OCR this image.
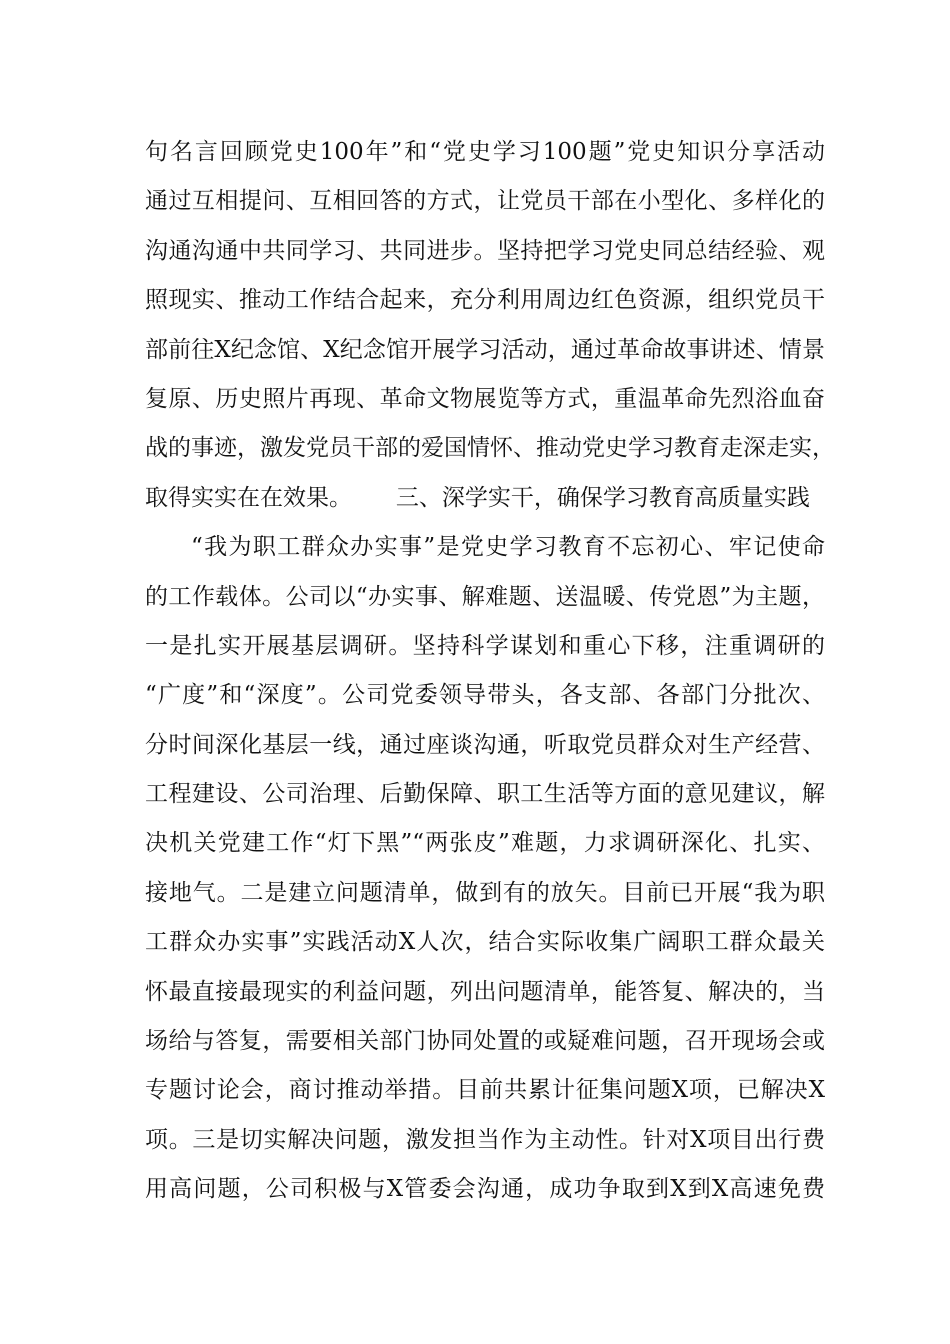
句名言回顾党史100年”和“党史学习100题”党史知识分享活动
通过互相提问、互相回答的方式，让党员干部在小型化、多样化的
沟通沟通中共同学习、共同进步。坚持把学习党史同总结经验、观
照现实、推动工作结合起来，充分利用周边红色资源，组织党员干
部前往X纪念馆、X纪念馆开展学习活动，通过革命故事讲述、情景
复原、历史照片再现、革命文物展览等方式，重温革命先烈浴血奋
战的事迹，激发党员干部的爱国情怀、推动党史学习教育走深走实，
取得实实在在效果。      三、深学实干，确保学习教育高质量实践
“我为职工群众办实事”是党史学习教育不忘初心、牢记使命
的工作载体。公司以“办实事、解难题、送温暖、传党恩”为主题，
一是扎实开展基层调研。坚持科学谋划和重心下移，注重调研的
“广度”和“深度”。公司党委领导带头，各支部、各部门分批次、
分时间深化基层一线，通过座谈沟通，听取党员群众对生产经营、
工程建设、公司治理、后勤保障、职工生活等方面的意见建议，解
决机关党建工作“灯下黑”“两张皮”难题，力求调研深化、扎实、
接地气。二是建立问题清单，做到有的放矢。目前已开展“我为职
工群众办实事”实践活动X人次，结合实际收集广阔职工群众最关
怀最直接最现实的利益问题，列出问题清单，能答复、解决的，当
场给与答复，需要相关部门协同处置的或疑难问题，召开现场会或
专题讨论会，商讨推动举措。目前共累计征集问题X项，已解决X
项。三是切实解决问题，激发担当作为主动性。针对X项目出行费
用高问题，公司积极与X管委会沟通，成功争取到X到X高速免费
